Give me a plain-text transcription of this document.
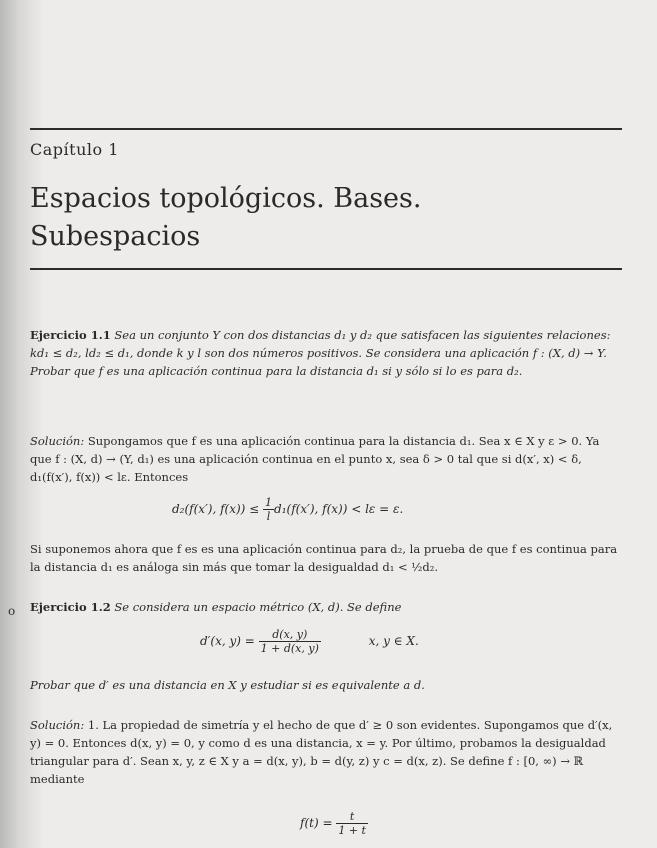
Capítulo 1
Espacios topológicos. Bases.
Subespacios
Ejercicio 1.1 Sea un conjunto Y con dos distancias d₁ y d₂ que satisfacen las siguientes relaciones: kd₁ ≤ d₂, ld₂ ≤ d₁, donde k y l son dos números positivos. Se considera una aplicación f : (X, d) → Y. Probar que f es una aplicación continua para la distancia d₁ si y sólo si lo es para d₂.
Solución: Supongamos que f es una aplicación continua para la distancia d₁. Sea x ∈ X y ε > 0. Ya que f : (X, d) → (Y, d₁) es una aplicación continua en el punto x, sea δ > 0 tal que si d(x′, x) < δ, d₁(f(x′), f(x)) < lε. Entonces
d₂(f(x′), $f(x)) \le \frac{1}{l} d_1(f(x')$, f(x)) < lε = ε.
Si suponemos ahora que f es es una aplicación continua para d₂, la prueba de que f es continua para la distancia d₁ es análoga sin más que tomar la desigualdad d₁ < ½d₂.
o Ejercicio 1.2 Se considera un espacio métrico (X, d). Se define
d′(x, $y) = \frac{d(x, y)}{1 + d(x, y)}$	x, y ∈ X.
Probar que d′ es una distancia en X y estudiar si es equivalente a d.
Solución: 1. La propiedad de simetría y el hecho de que d′ ≥ 0 son evidentes. Supongamos que d′(x, y) = 0. Entonces d(x, y) = 0, y como d es una distancia, x = y. Por último, probamos la desigualdad triangular para d′. Sean x, y, z ∈ X y a = d(x, y), b = d(y, z) y c = d(x, z). Se define f : [0, ∞) → ℝ mediante
$f(t) = \frac{t}{1 + t}$
